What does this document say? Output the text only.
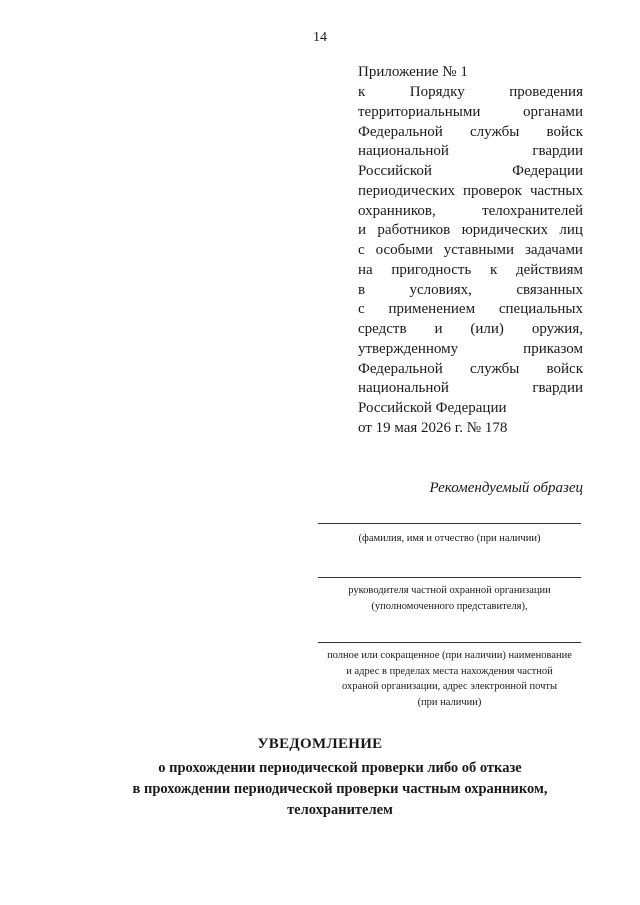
14
Приложение № 1
к	Порядку	проведения
территориальными	органами
Федеральной службы войск
национальной	гвардии
Российской	Федерации
периодических проверок частных
охранников,	телохранителей
и работников юридических лиц
с особыми уставными задачами
на пригодность к действиям
в	условиях,	связанных
с применением специальных
средств и (или) оружия,
утвержденному	приказом
Федеральной службы войск
национальной	гвардии
Российской Федерации
от 19 мая 2026 г. № 178
Рекомендуемый образец
(фамилия, имя и отчество (при наличии)
руководителя частной охранной организации
(уполномоченного представителя),
полное или сокращенное (при наличии) наименование
и адрес в пределах места нахождения частной
охраной организации, адрес электронной почты
(при наличии)
УВЕДОМЛЕНИЕ
о прохождении периодической проверки либо об отказе
в прохождении периодической проверки частным охранником,
телохранителем
